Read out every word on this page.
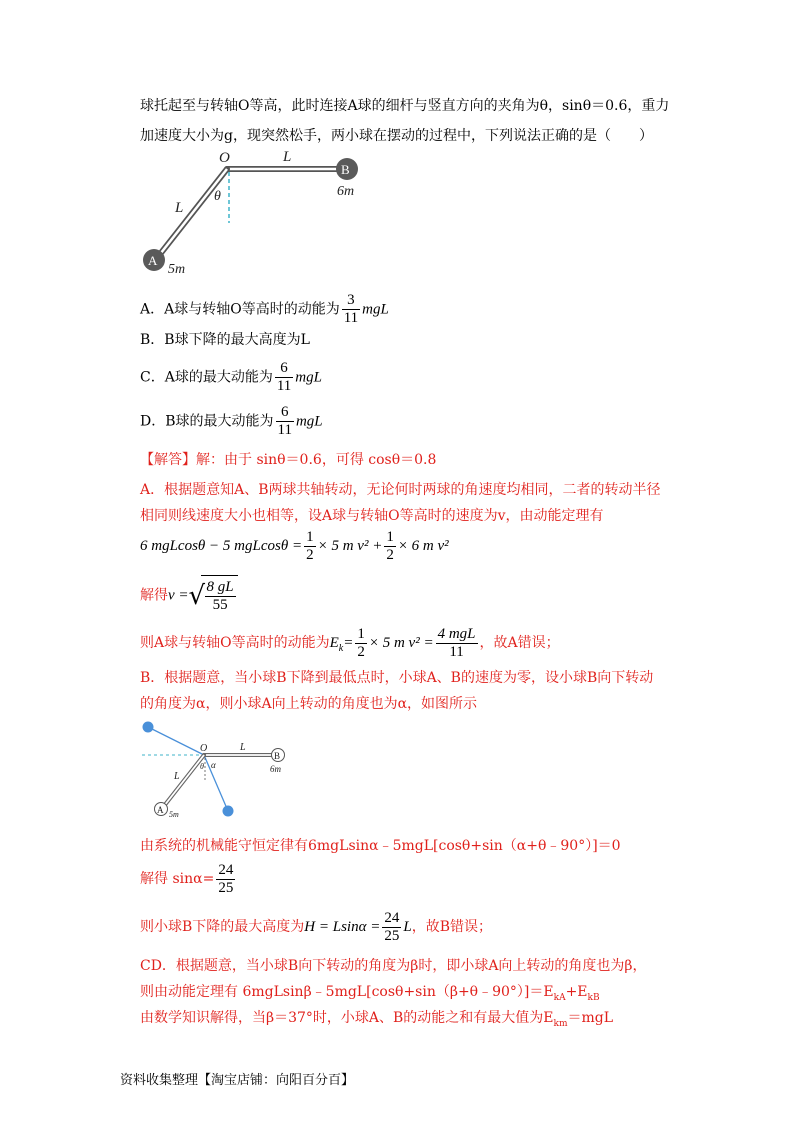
球托起至与转轴O等高，此时连接A球的细杆与竖直方向的夹角为θ，sinθ＝0.6，重力
加速度大小为g，现突然松手，两小球在摆动的过程中，下列说法正确的是（　　）
O	L
B
6m
θ
L
A
5m
A．A球与转轴O等高时的动能为 $\frac{3}{11}$ mgL
B．B球下降的最大高度为L
C．A球的最大动能为 $\frac{6}{11}$ mgL
D．B球的最大动能为 $\frac{6}{11}$ mgL
【解答】解：由于 sinθ＝0.6，可得 cosθ＝0.8
A．根据题意知A、B两球共轴转动，无论何时两球的角速度均相同，二者的转动半径
相同则线速度大小也相等，设A球与转轴O等高时的速度为v，由动能定理有
6 mgLcosθ − 5 $mgLcos\theta = \frac{1}{2} \times 5$ m $v^2 + \frac{1}{2} \times 6$ m v²
解得v = √ $\frac{8 gL}{55}$
则A球与转轴O等高时的动能为$E_k= \frac{1}{2} \times 5$ m $v^2 = \frac{\text{4 mgL}}{11}$ ，故A错误；
B．根据题意，当小球B下降到最低点时，小球A、B的速度为零，设小球B向下转动
的角度为α，则小球A向上转动的角度也为α，如图所示
O	L
B
6m
θ α
L
A 5m
由系统的机械能守恒定律有6mgLsinα﹣5mgL[cosθ+sin（α+θ﹣90°）]＝0
解得 $\sin\alpha= \frac{24}{25}$
则小球B下降的最大高度为$H = Lsin\alpha = \frac{24}{25}$ L，故B错误；
CD．根据题意，当小球B向下转动的角度为β时，即小球A向上转动的角度也为β，
则由动能定理有 $6mgLsin\beta﹣5mgL[\cos\theta+\sin(\beta+\theta﹣90^\circ)]=E_{kA}+E_{kB}$
由数学知识解得，当β＝37°时，小球A、B的动能之和有最大值为$E_{km}=mgL$
资料收集整理【淘宝店铺：向阳百分百】
